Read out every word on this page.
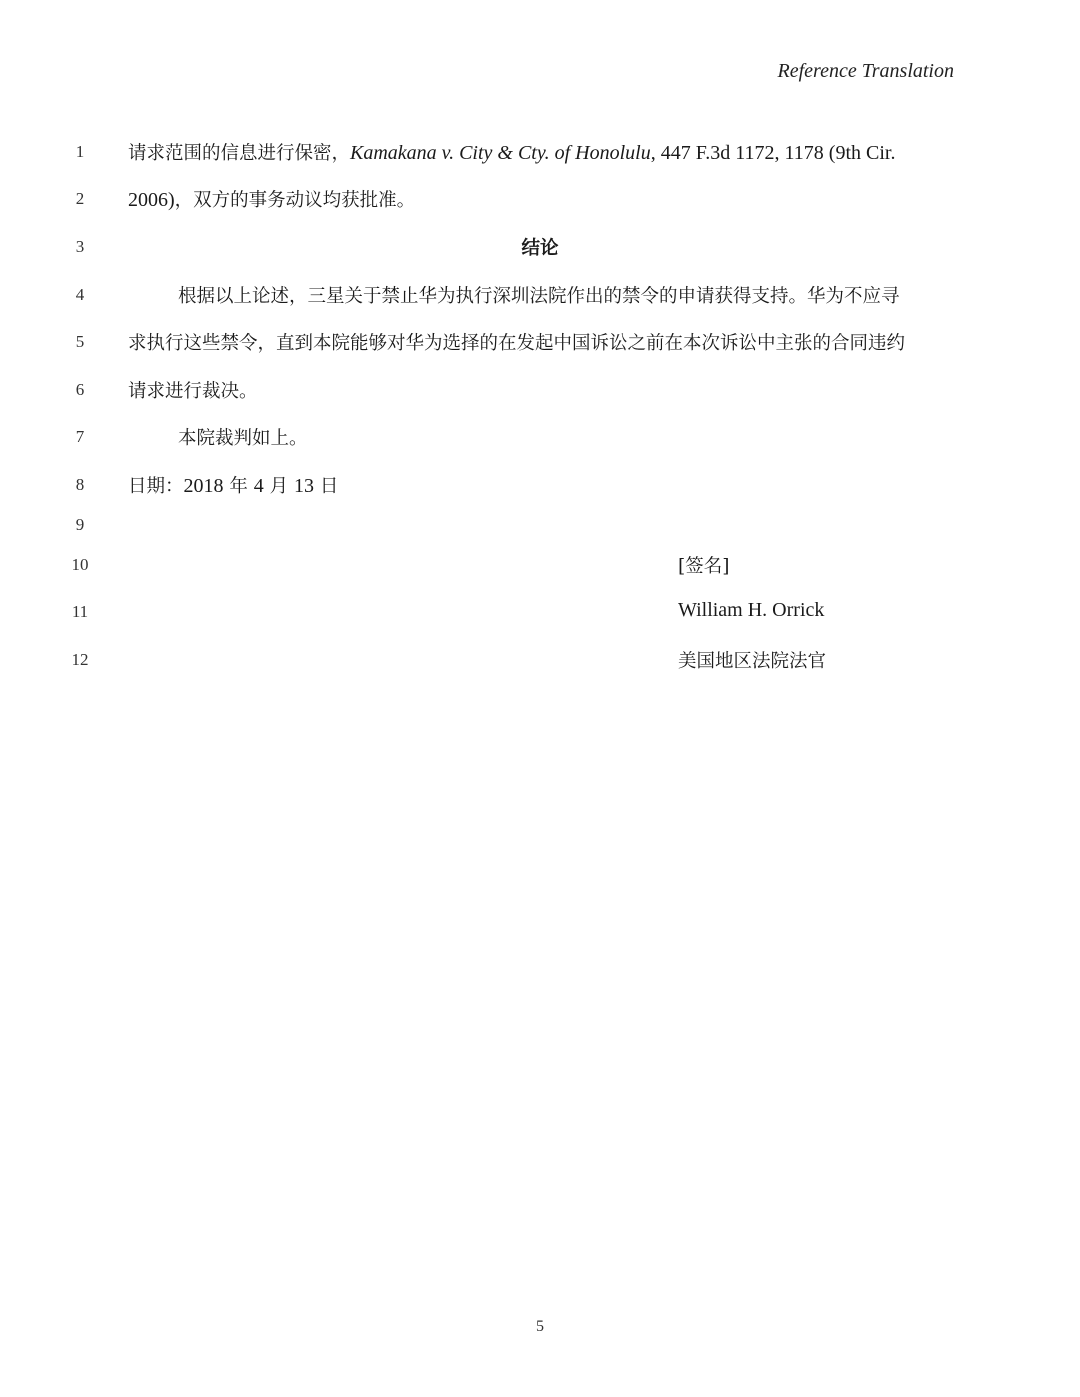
Reference Translation
1	请求范围的信息进行保密，Kamakana v. City & Cty. of Honolulu, 447 F.3d 1172, 1178 (9th Cir.
2	2006)，双方的事务动议均获批准。
3	结论
4	根据以上论述，三星关于禁止华为执行深圳法院作出的禁令的申请获得支持。华为不应寻
5	求执行这些禁令，直到本院能够对华为选择的在发起中国诉讼之前在本次诉讼中主张的合同违约
6	请求进行裁决。
7	本院裁判如上。
8	日期：2018 年 4 月 13 日
9
10	[签名]
11	William H. Orrick
12	美国地区法院法官
5
